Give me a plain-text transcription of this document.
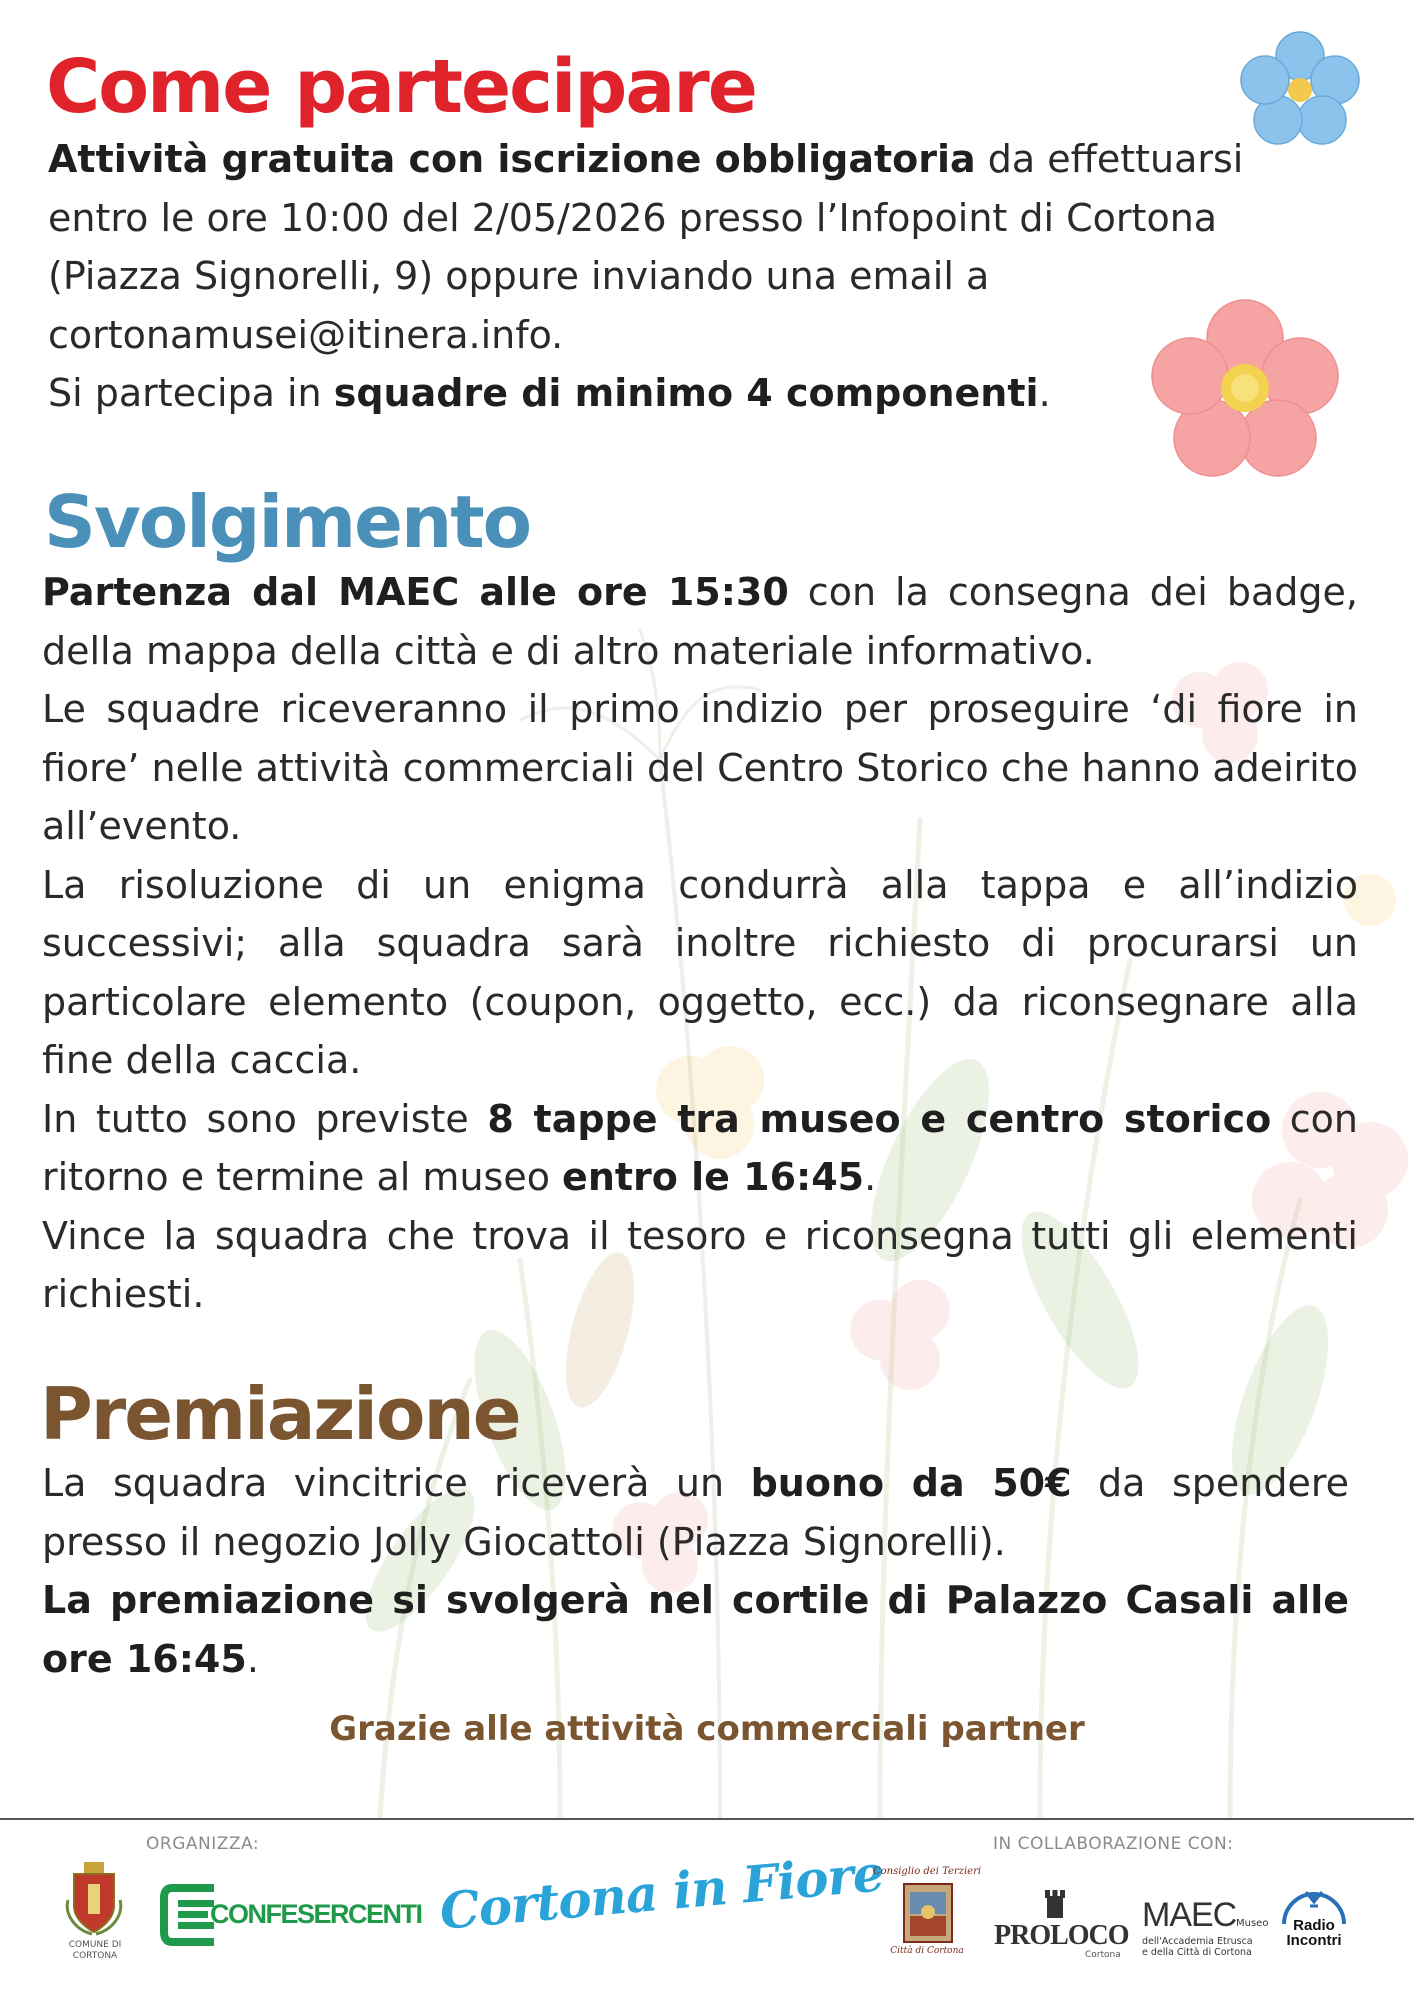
Come partecipare

Attività gratuita con iscrizione obbligatoria da effettuarsi entro le ore 10:00 del 2/05/2026 presso l’Infopoint di Cortona (Piazza Signorelli, 9) oppure inviando una email a cortonamusei@itinera.info.

Si partecipa in squadre di minimo 4 componenti.

Svolgimento

Partenza dal MAEC alle ore 15:30 con la consegna dei badge, della mappa della città e di altro materiale informativo.

Le squadre riceveranno il primo indizio per proseguire ‘di fiore in fiore’ nelle attività commerciali del Centro Storico che hanno adeirito all’evento.

La risoluzione di un enigma condurrà alla tappa e all’indizio successivi; alla squadra sarà inoltre richiesto di procurarsi un particolare elemento (coupon, oggetto, ecc.) da riconsegnare alla fine della caccia.

In tutto sono previste 8 tappe tra museo e centro storico con ritorno e termine al museo entro le 16:45.

Vince la squadra che trova il tesoro e riconsegna tutti gli elementi richiesti.

Premiazione

La squadra vincitrice riceverà un buono da 50€ da spendere presso il negozio Jolly Giocattoli (Piazza Signorelli).

La premiazione si svolgerà nel cortile di Palazzo Casali alle ore 16:45.

Grazie alle attività commerciali partner
ORGANIZZA:	IN COLLABORAZIONE CON:
COMUNE DI
CORTONA
CONFESERCENTI Cortona in Fiore
Consiglio dei Terzieri
Città di Cortona	PROLOCO
Cortona
MAEC Museo
dell'Accademia Etrusca
e della Città di Cortona
Radio
Incontri
